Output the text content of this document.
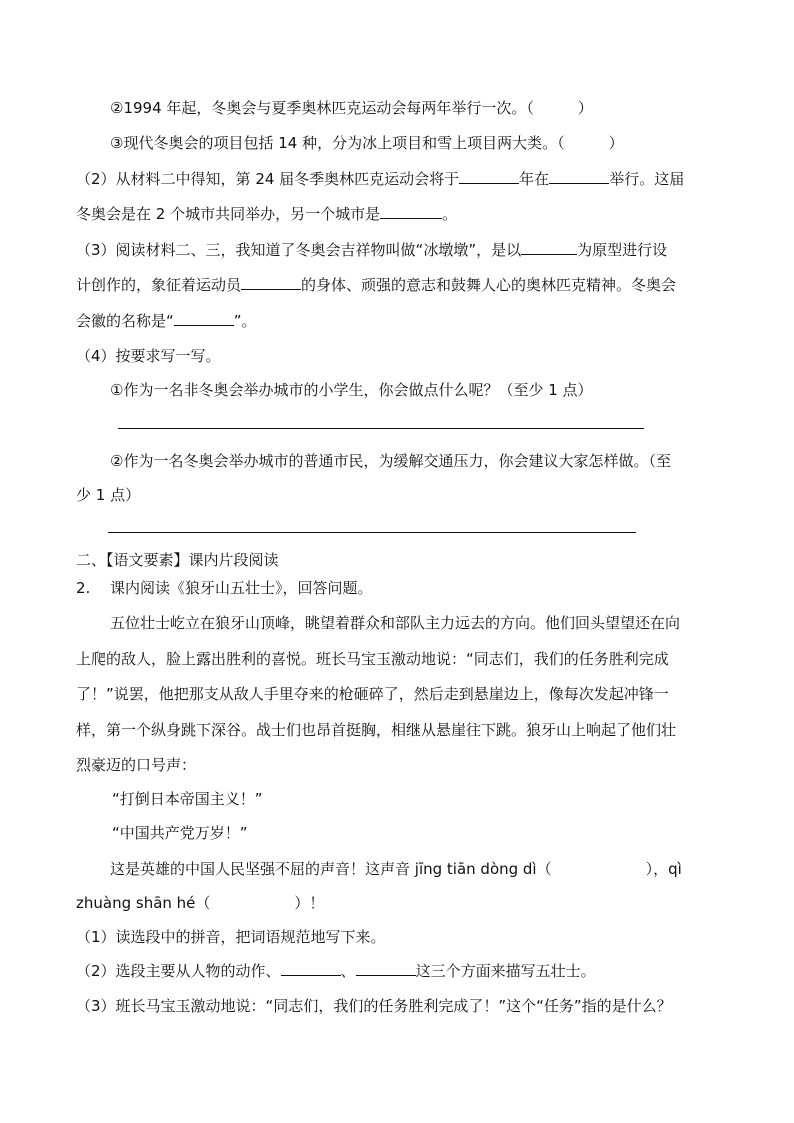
②1994 年起，冬奥会与夏季奥林匹克运动会每两年举行一次。（	）
③现代冬奥会的项目包括 14 种，分为冰上项目和雪上项目两大类。（	）
（2）从材料二中得知，第 24 届冬季奥林匹克运动会将于	年在	举行。这届
冬奥会是在 2 个城市共同举办，另一个城市是	。
（3）阅读材料二、三，我知道了冬奥会吉祥物叫做“冰墩墩”，是以	为原型进行设
计创作的，象征着运动员	的身体、顽强的意志和鼓舞人心的奥林匹克精神。冬奥会
会徽的名称是“	”。
（4）按要求写一写。
①作为一名非冬奥会举办城市的小学生，你会做点什么呢？（至少 1 点）
②作为一名冬奥会举办城市的普通市民，为缓解交通压力，你会建议大家怎样做。（至
少 1 点）
二、【语文要素】课内片段阅读
2. 课内阅读《狼牙山五壮士》，回答问题。
五位壮士屹立在狼牙山顶峰，眺望着群众和部队主力远去的方向。他们回头望望还在向
上爬的敌人，脸上露出胜利的喜悦。班长马宝玉激动地说：“同志们，我们的任务胜利完成
了！”说罢，他把那支从敌人手里夺来的枪砸碎了，然后走到悬崖边上，像每次发起冲锋一
样，第一个纵身跳下深谷。战士们也昂首挺胸，相继从悬崖往下跳。狼牙山上响起了他们壮
烈豪迈的口号声：
“打倒日本帝国主义！”
“中国共产党万岁！”
这是英雄的中国人民坚强不屈的声音！这声音 jīng tiān dòng dì（	），qì
zhuàng shān hé（	）！
（1）读选段中的拼音，把词语规范地写下来。
（2）选段主要从人物的动作、	、	这三个方面来描写五壮士。
（3）班长马宝玉激动地说：“同志们，我们的任务胜利完成了！”这个“任务”指的是什么？
